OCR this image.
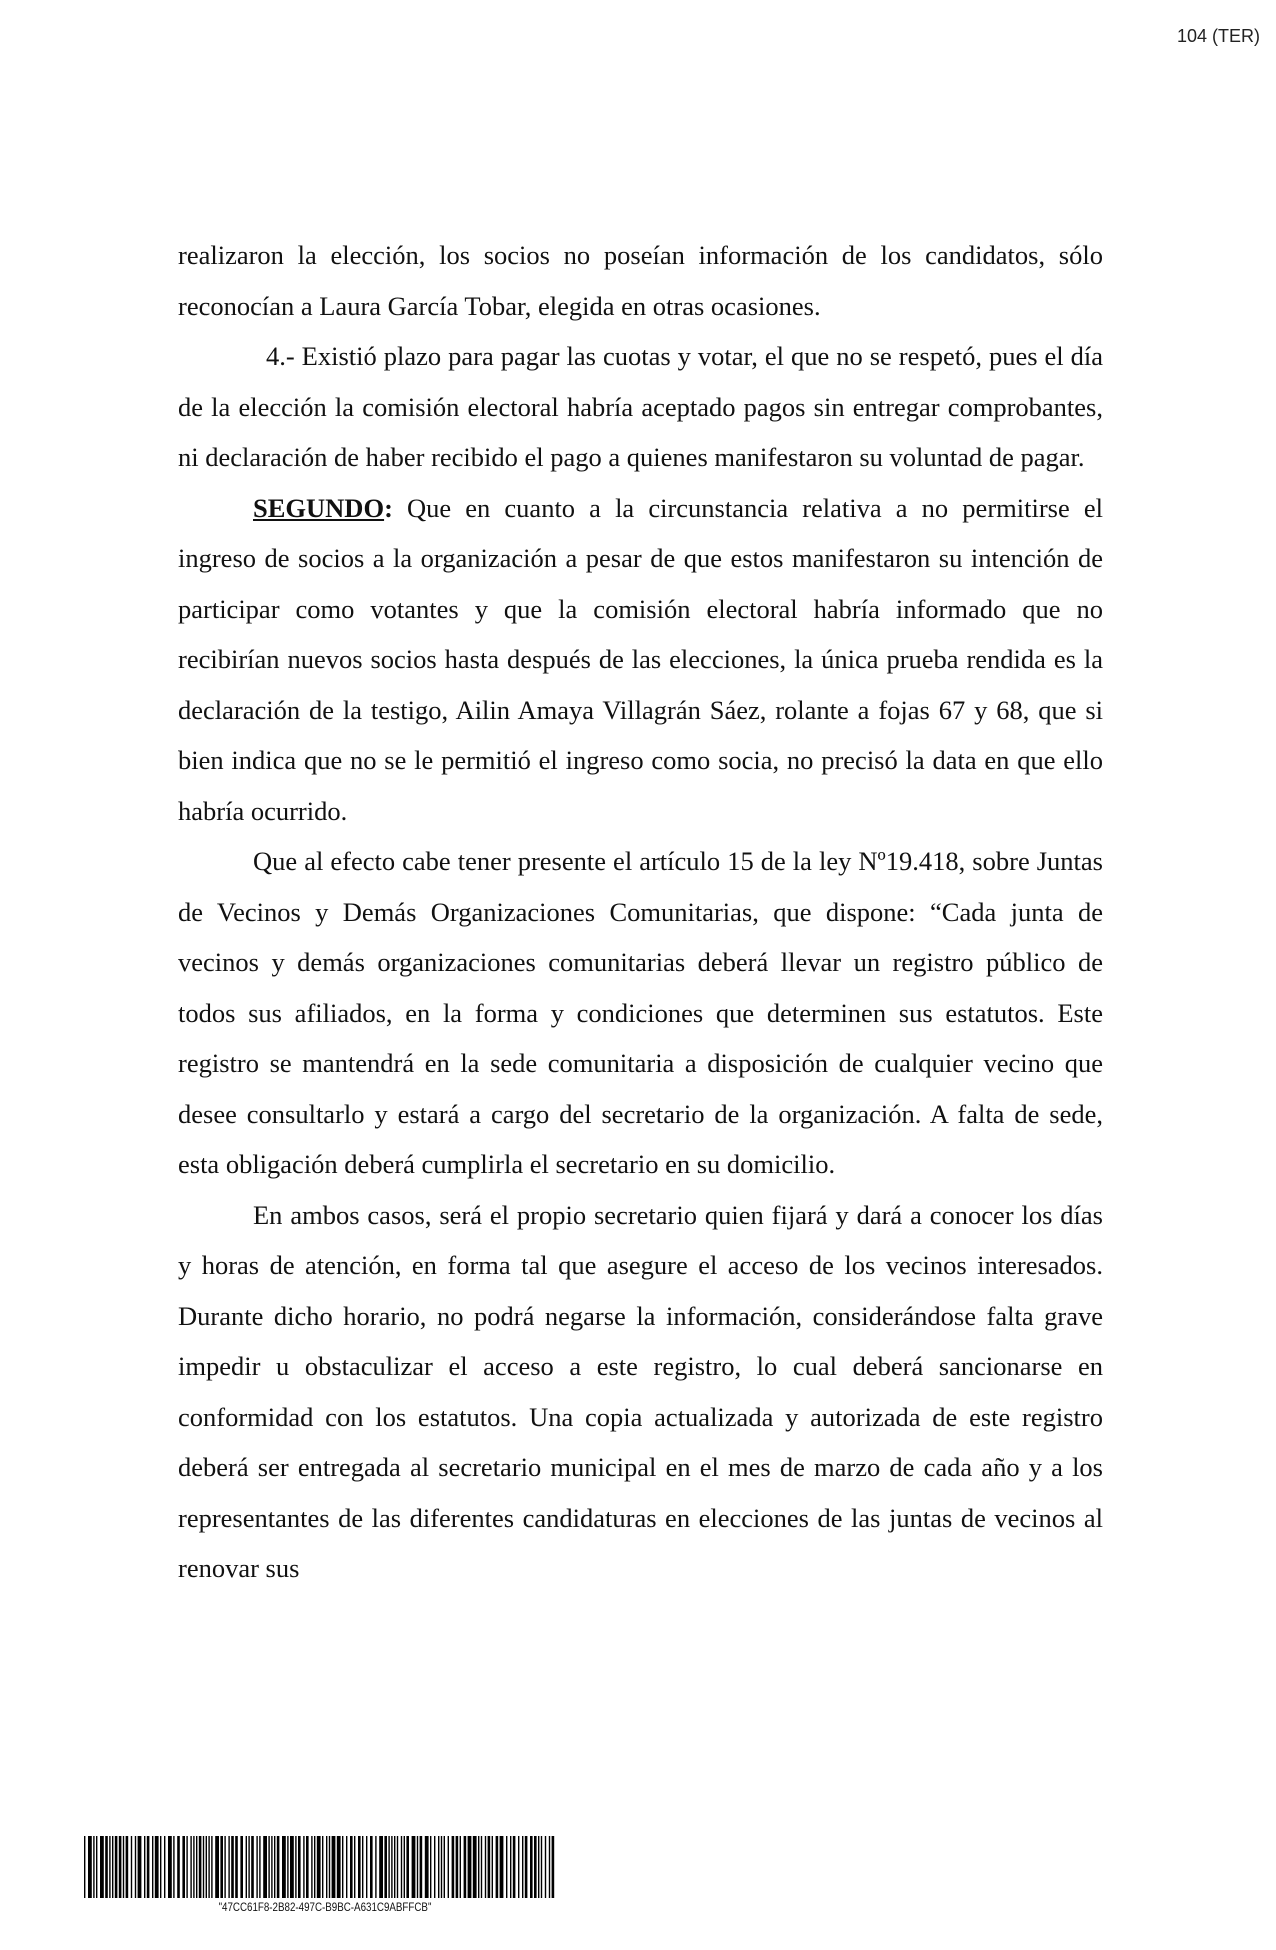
104 (TER)

realizaron la elección, los socios no poseían información de los candidatos, sólo reconocían a Laura García Tobar, elegida en otras ocasiones.

4.- Existió plazo para pagar las cuotas y votar, el que no se respetó, pues el día de la elección la comisión electoral habría aceptado pagos sin entregar comprobantes, ni declaración de haber recibido el pago a quienes manifestaron su voluntad de pagar.

SEGUNDO: Que en cuanto a la circunstancia relativa a no permitirse el ingreso de socios a la organización a pesar de que estos manifestaron su intención de participar como votantes y que la comisión electoral habría informado que no recibirían nuevos socios hasta después de las elecciones, la única prueba rendida es la declaración de la testigo, Ailin Amaya Villagrán Sáez, rolante a fojas 67 y 68, que si bien indica que no se le permitió el ingreso como socia, no precisó la data en que ello habría ocurrido.

Que al efecto cabe tener presente el artículo 15 de la ley Nº19.418, sobre Juntas de Vecinos y Demás Organizaciones Comunitarias, que dispone: “Cada junta de vecinos y demás organizaciones comunitarias deberá llevar un registro público de todos sus afiliados, en la forma y condiciones que determinen sus estatutos. Este registro se mantendrá en la sede comunitaria a disposición de cualquier vecino que desee consultarlo y estará a cargo del secretario de la organización. A falta de sede, esta obligación deberá cumplirla el secretario en su domicilio.

En ambos casos, será el propio secretario quien fijará y dará a conocer los días y horas de atención, en forma tal que asegure el acceso de los vecinos interesados. Durante dicho horario, no podrá negarse la información, considerándose falta grave impedir u obstaculizar el acceso a este registro, lo cual deberá sancionarse en conformidad con los estatutos. Una copia actualizada y autorizada de este registro deberá ser entregada al secretario municipal en el mes de marzo de cada año y a los representantes de las diferentes candidaturas en elecciones de las juntas de vecinos al renovar sus

"47CC61F8-2B82-497C-B9BC-A631C9ABFFCB"
